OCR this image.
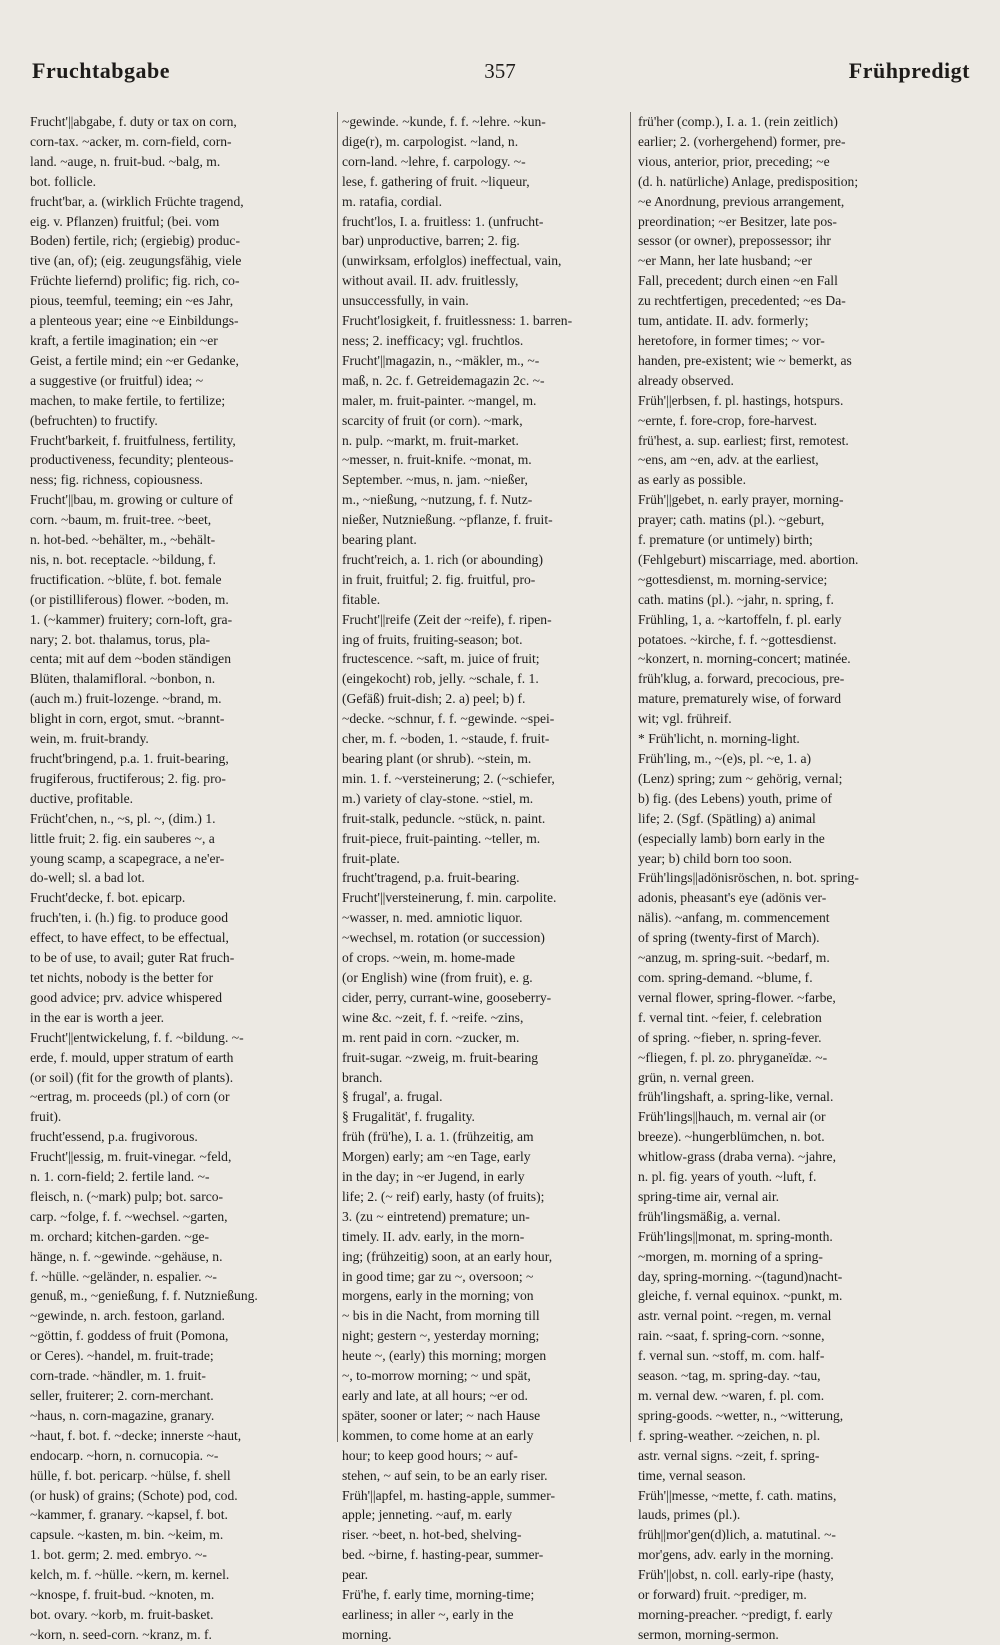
Fruchtabgabe	357	Frühpredigt
Frucht'||abgabe, f. duty or tax on corn,
corn-tax. ~acker, m. corn-field, corn-
land. ~auge, n. fruit-bud. ~balg, m.
bot. follicle.
frucht'bar, a. (wirklich Früchte tragend,
eig. v. Pflanzen) fruitful; (bei. vom
Boden) fertile, rich; (ergiebig) produc-
tive (an, of); (eig. zeugungsfähig, viele
Früchte liefernd) prolific; fig. rich, co-
pious, teemful, teeming; ein ~es Jahr,
a plenteous year; eine ~e Einbildungs-
kraft, a fertile imagination; ein ~er
Geist, a fertile mind; ein ~er Gedanke,
a suggestive (or fruitful) idea; ~
machen, to make fertile, to fertilize;
(befruchten) to fructify.
Frucht'barkeit, f. fruitfulness, fertility,
productiveness, fecundity; plenteous-
ness; fig. richness, copiousness.
Frucht'||bau, m. growing or culture of
corn. ~baum, m. fruit-tree. ~beet,
n. hot-bed. ~behälter, m., ~behält-
nis, n. bot. receptacle. ~bildung, f.
fructification. ~blüte, f. bot. female
(or pistilliferous) flower. ~boden, m.
1. (~kammer) fruitery; corn-loft, gra-
nary; 2. bot. thalamus, torus, pla-
centa; mit auf dem ~boden ständigen
Blüten, thalamifloral. ~bonbon, n.
(auch m.) fruit-lozenge. ~brand, m.
blight in corn, ergot, smut. ~brannt-
wein, m. fruit-brandy.
frucht'bringend, p.a. 1. fruit-bearing,
frugiferous, fructiferous; 2. fig. pro-
ductive, profitable.
Frücht'chen, n., ~s, pl. ~, (dim.) 1.
little fruit; 2. fig. ein sauberes ~, a
young scamp, a scapegrace, a ne'er-
do-well; sl. a bad lot.
Frucht'decke, f. bot. epicarp.
fruch'ten, i. (h.) fig. to produce good
effect, to have effect, to be effectual,
to be of use, to avail; guter Rat fruch-
tet nichts, nobody is the better for
good advice; prv. advice whispered
in the ear is worth a jeer.
Frucht'||entwickelung, f. f. ~bildung. ~-
erde, f. mould, upper stratum of earth
(or soil) (fit for the growth of plants).
~ertrag, m. proceeds (pl.) of corn (or
fruit).
frucht'essend, p.a. frugivorous.
Frucht'||essig, m. fruit-vinegar. ~feld,
n. 1. corn-field; 2. fertile land. ~-
fleisch, n. (~mark) pulp; bot. sarco-
carp. ~folge, f. f. ~wechsel. ~garten,
m. orchard; kitchen-garden. ~ge-
hänge, n. f. ~gewinde. ~gehäuse, n.
f. ~hülle. ~geländer, n. espalier. ~-
genuß, m., ~genießung, f. f. Nutznießung.
~gewinde, n. arch. festoon, garland.
~göttin, f. goddess of fruit (Pomona,
or Ceres). ~handel, m. fruit-trade;
corn-trade. ~händler, m. 1. fruit-
seller, fruiterer; 2. corn-merchant.
~haus, n. corn-magazine, granary.
~haut, f. bot. f. ~decke; innerste ~haut,
endocarp. ~horn, n. cornucopia. ~-
hülle, f. bot. pericarp. ~hülse, f. shell
(or husk) of grains; (Schote) pod, cod.
~kammer, f. granary. ~kapsel, f. bot.
capsule. ~kasten, m. bin. ~keim, m.
1. bot. germ; 2. med. embryo. ~-
kelch, m. f. ~hülle. ~kern, m. kernel.
~knospe, f. fruit-bud. ~knoten, m.
bot. ovary. ~korb, m. fruit-basket.
~korn, n. seed-corn. ~kranz, m. f.
~gewinde. ~kunde, f. f. ~lehre. ~kun-
dige(r), m. carpologist. ~land, n.
corn-land. ~lehre, f. carpology. ~-
lese, f. gathering of fruit. ~liqueur,
m. ratafia, cordial.
frucht'los, I. a. fruitless: 1. (unfrucht-
bar) unproductive, barren; 2. fig.
(unwirksam, erfolglos) ineffectual, vain,
without avail. II. adv. fruitlessly,
unsuccessfully, in vain.
Frucht'losigkeit, f. fruitlessness: 1. barren-
ness; 2. inefficacy; vgl. fruchtlos.
Frucht'||magazin, n., ~mäkler, m., ~-
maß, n. 2c. f. Getreidemagazin 2c. ~-
maler, m. fruit-painter. ~mangel, m.
scarcity of fruit (or corn). ~mark,
n. pulp. ~markt, m. fruit-market.
~messer, n. fruit-knife. ~monat, m.
September. ~mus, n. jam. ~nießer,
m., ~nießung, ~nutzung, f. f. Nutz-
nießer, Nutznießung. ~pflanze, f. fruit-
bearing plant.
frucht'reich, a. 1. rich (or abounding)
in fruit, fruitful; 2. fig. fruitful, pro-
fitable.
Frucht'||reife (Zeit der ~reife), f. ripen-
ing of fruits, fruiting-season; bot.
fructescence. ~saft, m. juice of fruit;
(eingekocht) rob, jelly. ~schale, f. 1.
(Gefäß) fruit-dish; 2. a) peel; b) f.
~decke. ~schnur, f. f. ~gewinde. ~spei-
cher, m. f. ~boden, 1. ~staude, f. fruit-
bearing plant (or shrub). ~stein, m.
min. 1. f. ~versteinerung; 2. (~schiefer,
m.) variety of clay-stone. ~stiel, m.
fruit-stalk, peduncle. ~stück, n. paint.
fruit-piece, fruit-painting. ~teller, m.
fruit-plate.
frucht'tragend, p.a. fruit-bearing.
Frucht'||versteinerung, f. min. carpolite.
~wasser, n. med. amniotic liquor.
~wechsel, m. rotation (or succession)
of crops. ~wein, m. home-made
(or English) wine (from fruit), e. g.
cider, perry, currant-wine, gooseberry-
wine &c. ~zeit, f. f. ~reife. ~zins,
m. rent paid in corn. ~zucker, m.
fruit-sugar. ~zweig, m. fruit-bearing
branch.
§ frugal', a. frugal.
§ Frugalität', f. frugality.
früh (frü'he), I. a. 1. (frühzeitig, am
Morgen) early; am ~en Tage, early
in the day; in ~er Jugend, in early
life; 2. (~ reif) early, hasty (of fruits);
3. (zu ~ eintretend) premature; un-
timely. II. adv. early, in the morn-
ing; (frühzeitig) soon, at an early hour,
in good time; gar zu ~, oversoon; ~
morgens, early in the morning; von
~ bis in die Nacht, from morning till
night; gestern ~, yesterday morning;
heute ~, (early) this morning; morgen
~, to-morrow morning; ~ und spät,
early and late, at all hours; ~er od.
später, sooner or later; ~ nach Hause
kommen, to come home at an early
hour; to keep good hours; ~ auf-
stehen, ~ auf sein, to be an early riser.
Früh'||apfel, m. hasting-apple, summer-
apple; jenneting. ~auf, m. early
riser. ~beet, n. hot-bed, shelving-
bed. ~birne, f. hasting-pear, summer-
pear.
Frü'he, f. early time, morning-time;
earliness; in aller ~, early in the
morning.
frü'her (comp.), I. a. 1. (rein zeitlich)
earlier; 2. (vorhergehend) former, pre-
vious, anterior, prior, preceding; ~e
(d. h. natürliche) Anlage, predisposition;
~e Anordnung, previous arrangement,
preordination; ~er Besitzer, late pos-
sessor (or owner), prepossessor; ihr
~er Mann, her late husband; ~er
Fall, precedent; durch einen ~en Fall
zu rechtfertigen, precedented; ~es Da-
tum, antidate. II. adv. formerly;
heretofore, in former times; ~ vor-
handen, pre-existent; wie ~ bemerkt, as
already observed.
Früh'||erbsen, f. pl. hastings, hotspurs.
~ernte, f. fore-crop, fore-harvest.
frü'hest, a. sup. earliest; first, remotest.
~ens, am ~en, adv. at the earliest,
as early as possible.
Früh'||gebet, n. early prayer, morning-
prayer; cath. matins (pl.). ~geburt,
f. premature (or untimely) birth;
(Fehlgeburt) miscarriage, med. abortion.
~gottesdienst, m. morning-service;
cath. matins (pl.). ~jahr, n. spring, f.
Frühling, 1, a. ~kartoffeln, f. pl. early
potatoes. ~kirche, f. f. ~gottesdienst.
~konzert, n. morning-concert; matinée.
früh'klug, a. forward, precocious, pre-
mature, prematurely wise, of forward
wit; vgl. frühreif.
* Früh'licht, n. morning-light.
Früh'ling, m., ~(e)s, pl. ~e, 1. a)
(Lenz) spring; zum ~ gehörig, vernal;
b) fig. (des Lebens) youth, prime of
life; 2. (Sgf. (Spätling) a) animal
(especially lamb) born early in the
year; b) child born too soon.
Früh'lings||adönisröschen, n. bot. spring-
adonis, pheasant's eye (adönis ver-
nälis). ~anfang, m. commencement
of spring (twenty-first of March).
~anzug, m. spring-suit. ~bedarf, m.
com. spring-demand. ~blume, f.
vernal flower, spring-flower. ~farbe,
f. vernal tint. ~feier, f. celebration
of spring. ~fieber, n. spring-fever.
~fliegen, f. pl. zo. phryganeïdæ. ~-
grün, n. vernal green.
früh'lingshaft, a. spring-like, vernal.
Früh'lings||hauch, m. vernal air (or
breeze). ~hungerblümchen, n. bot.
whitlow-grass (draba verna). ~jahre,
n. pl. fig. years of youth. ~luft, f.
spring-time air, vernal air.
früh'lingsmäßig, a. vernal.
Früh'lings||monat, m. spring-month.
~morgen, m. morning of a spring-
day, spring-morning. ~(tagund)nacht-
gleiche, f. vernal equinox. ~punkt, m.
astr. vernal point. ~regen, m. vernal
rain. ~saat, f. spring-corn. ~sonne,
f. vernal sun. ~stoff, m. com. half-
season. ~tag, m. spring-day. ~tau,
m. vernal dew. ~waren, f. pl. com.
spring-goods. ~wetter, n., ~witterung,
f. spring-weather. ~zeichen, n. pl.
astr. vernal signs. ~zeit, f. spring-
time, vernal season.
Früh'||messe, ~mette, f. cath. matins,
lauds, primes (pl.).
früh||mor'gen(d)lich, a. matutinal. ~-
mor'gens, adv. early in the morning.
Früh'||obst, n. coll. early-ripe (hasty,
or forward) fruit. ~prediger, m.
morning-preacher. ~predigt, f. early
sermon, morning-sermon.
